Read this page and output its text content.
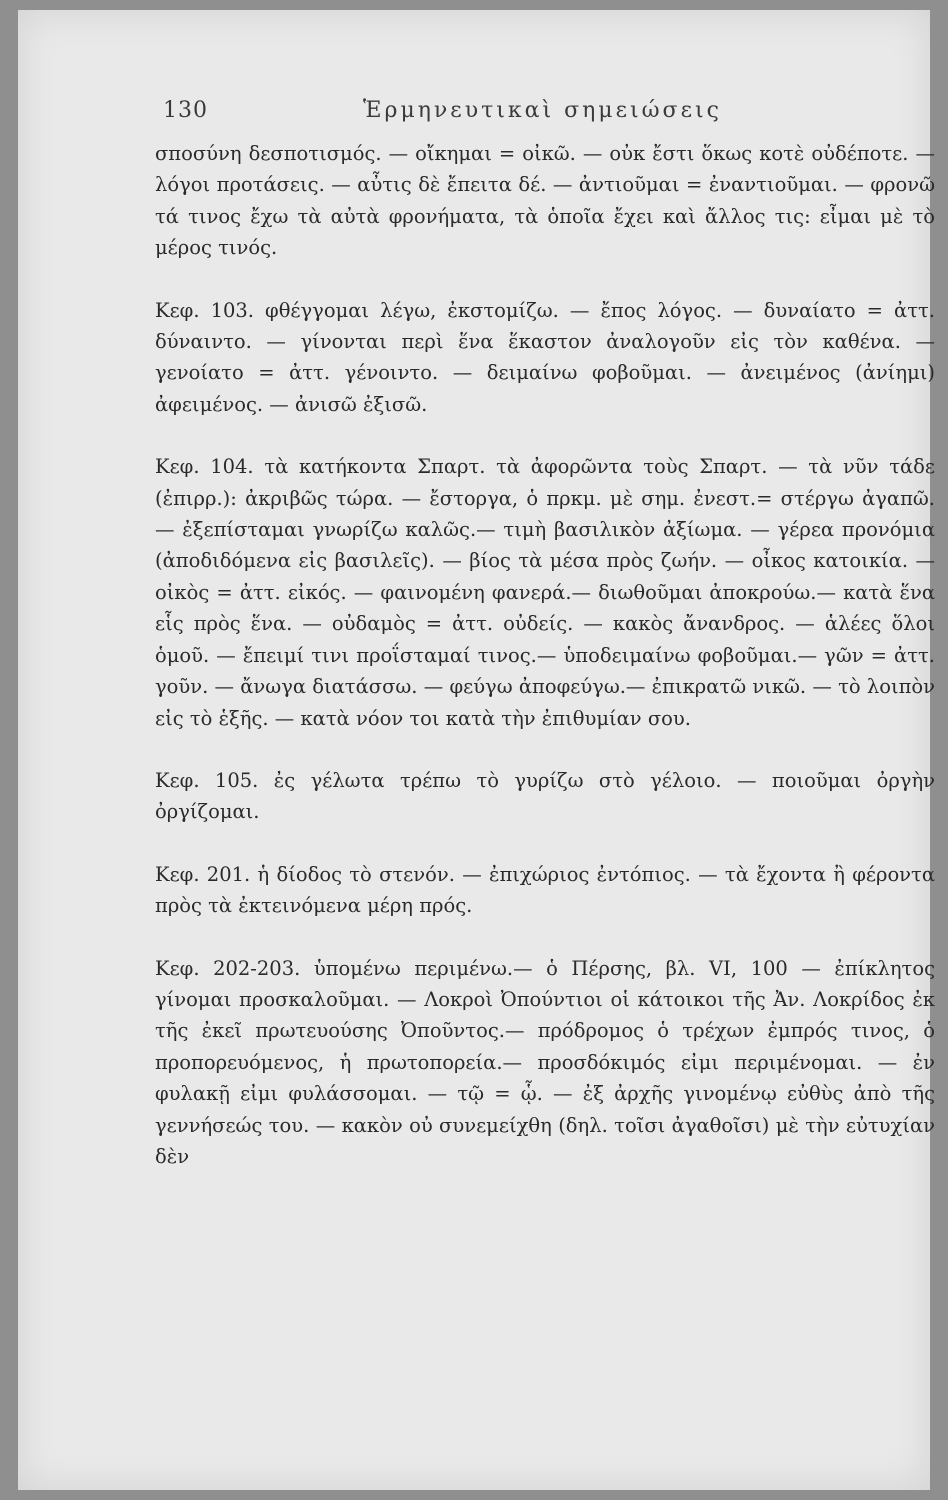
130	Ἑρμηνευτικαὶ σημειώσεις

σποσύνη δεσποτισμός. — οἴκημαι = οἰκῶ. — οὐκ ἔστι ὅκως κοτὲ οὐδέποτε. — λόγοι προτάσεις. — αὖτις δὲ ἔπειτα δέ. — ἀντιοῦμαι = ἐναντιοῦμαι. — φρονῶ τά τινος ἔχω τὰ αὐτὰ φρονήματα, τὰ ὁποῖα ἔχει καὶ ἄλλος τις: εἶμαι μὲ τὸ μέρος τινός.

Κεφ. 103. φθέγγομαι λέγω, ἐκστομίζω. — ἔπος λόγος. — δυναίατο = ἀττ. δύναιντο. — γίνονται περὶ ἕνα ἕκαστον ἀναλογοῦν εἰς τὸν καθένα. — γενοίατο = ἀττ. γένοιντο. — δειμαίνω φοβοῦμαι. — ἀνειμένος (ἀνίημι) ἀφειμένος. — ἀνισῶ ἐξισῶ.

Κεφ. 104. τὰ κατήκοντα Σπαρτ. τὰ ἀφορῶντα τοὺς Σπαρτ. — τὰ νῦν τάδε (ἐπιρρ.): ἀκριβῶς τώρα. — ἔστοργα, ὁ πρκμ. μὲ σημ. ἐνεστ.= στέργω ἀγαπῶ. — ἐξεπίσταμαι γνωρίζω καλῶς.— τιμὴ βασιλικὸν ἀξίωμα. — γέρεα προνόμια (ἀποδιδόμενα εἰς βασιλεῖς). — βίος τὰ μέσα πρὸς ζωήν. — οἶκος κατοικία. — οἰκὸς = ἀττ. εἰκός. — φαινομένη φανερά.— διωθοῦμαι ἀποκρούω.— κατὰ ἕνα εἷς πρὸς ἕνα. — οὐδαμὸς = ἀττ. οὐδείς. — κακὸς ἄνανδρος. — ἁλέες ὅλοι ὁμοῦ. — ἔπειμί τινι προΐσταμαί τινος.— ὑποδειμαίνω φοβοῦμαι.— γῶν = ἀττ. γοῦν. — ἄνωγα διατάσσω. — φεύγω ἀποφεύγω.— ἐπικρατῶ νικῶ. — τὸ λοιπὸν εἰς τὸ ἑξῆς. — κατὰ νόον τοι κατὰ τὴν ἐπιθυμίαν σου.

Κεφ. 105. ἐς γέλωτα τρέπω τὸ γυρίζω στὸ γέλοιο. — ποιοῦμαι ὀργὴν ὀργίζομαι.

Κεφ. 201. ἡ δίοδος τὸ στενόν. — ἐπιχώριος ἐντόπιος. — τὰ ἔχοντα ἢ φέροντα πρὸς τὰ ἐκτεινόμενα μέρη πρός.

Κεφ. 202-203. ὑπομένω περιμένω.— ὁ Πέρσης, βλ. VI, 100 — ἐπίκλητος γίνομαι προσκαλοῦμαι. — Λοκροὶ Ὀπούντιοι οἱ κάτοικοι τῆς Ἀν. Λοκρίδος ἐκ τῆς ἐκεῖ πρωτευούσης Ὀποῦντος.— πρόδρομος ὁ τρέχων ἐμπρός τινος, ὁ προπορευόμενος, ἡ πρωτοπορεία.— προσδόκιμός εἰμι περιμένομαι. — ἐν φυλακῇ εἰμι φυλάσσομαι. — τῷ = ᾧ. — ἐξ ἀρχῆς γινομένῳ εὐθὺς ἀπὸ τῆς γεννήσεώς του. — κακὸν οὐ συνεμείχθη (δηλ. τοῖσι ἀγαθοῖσι) μὲ τὴν εὐτυχίαν δὲν
